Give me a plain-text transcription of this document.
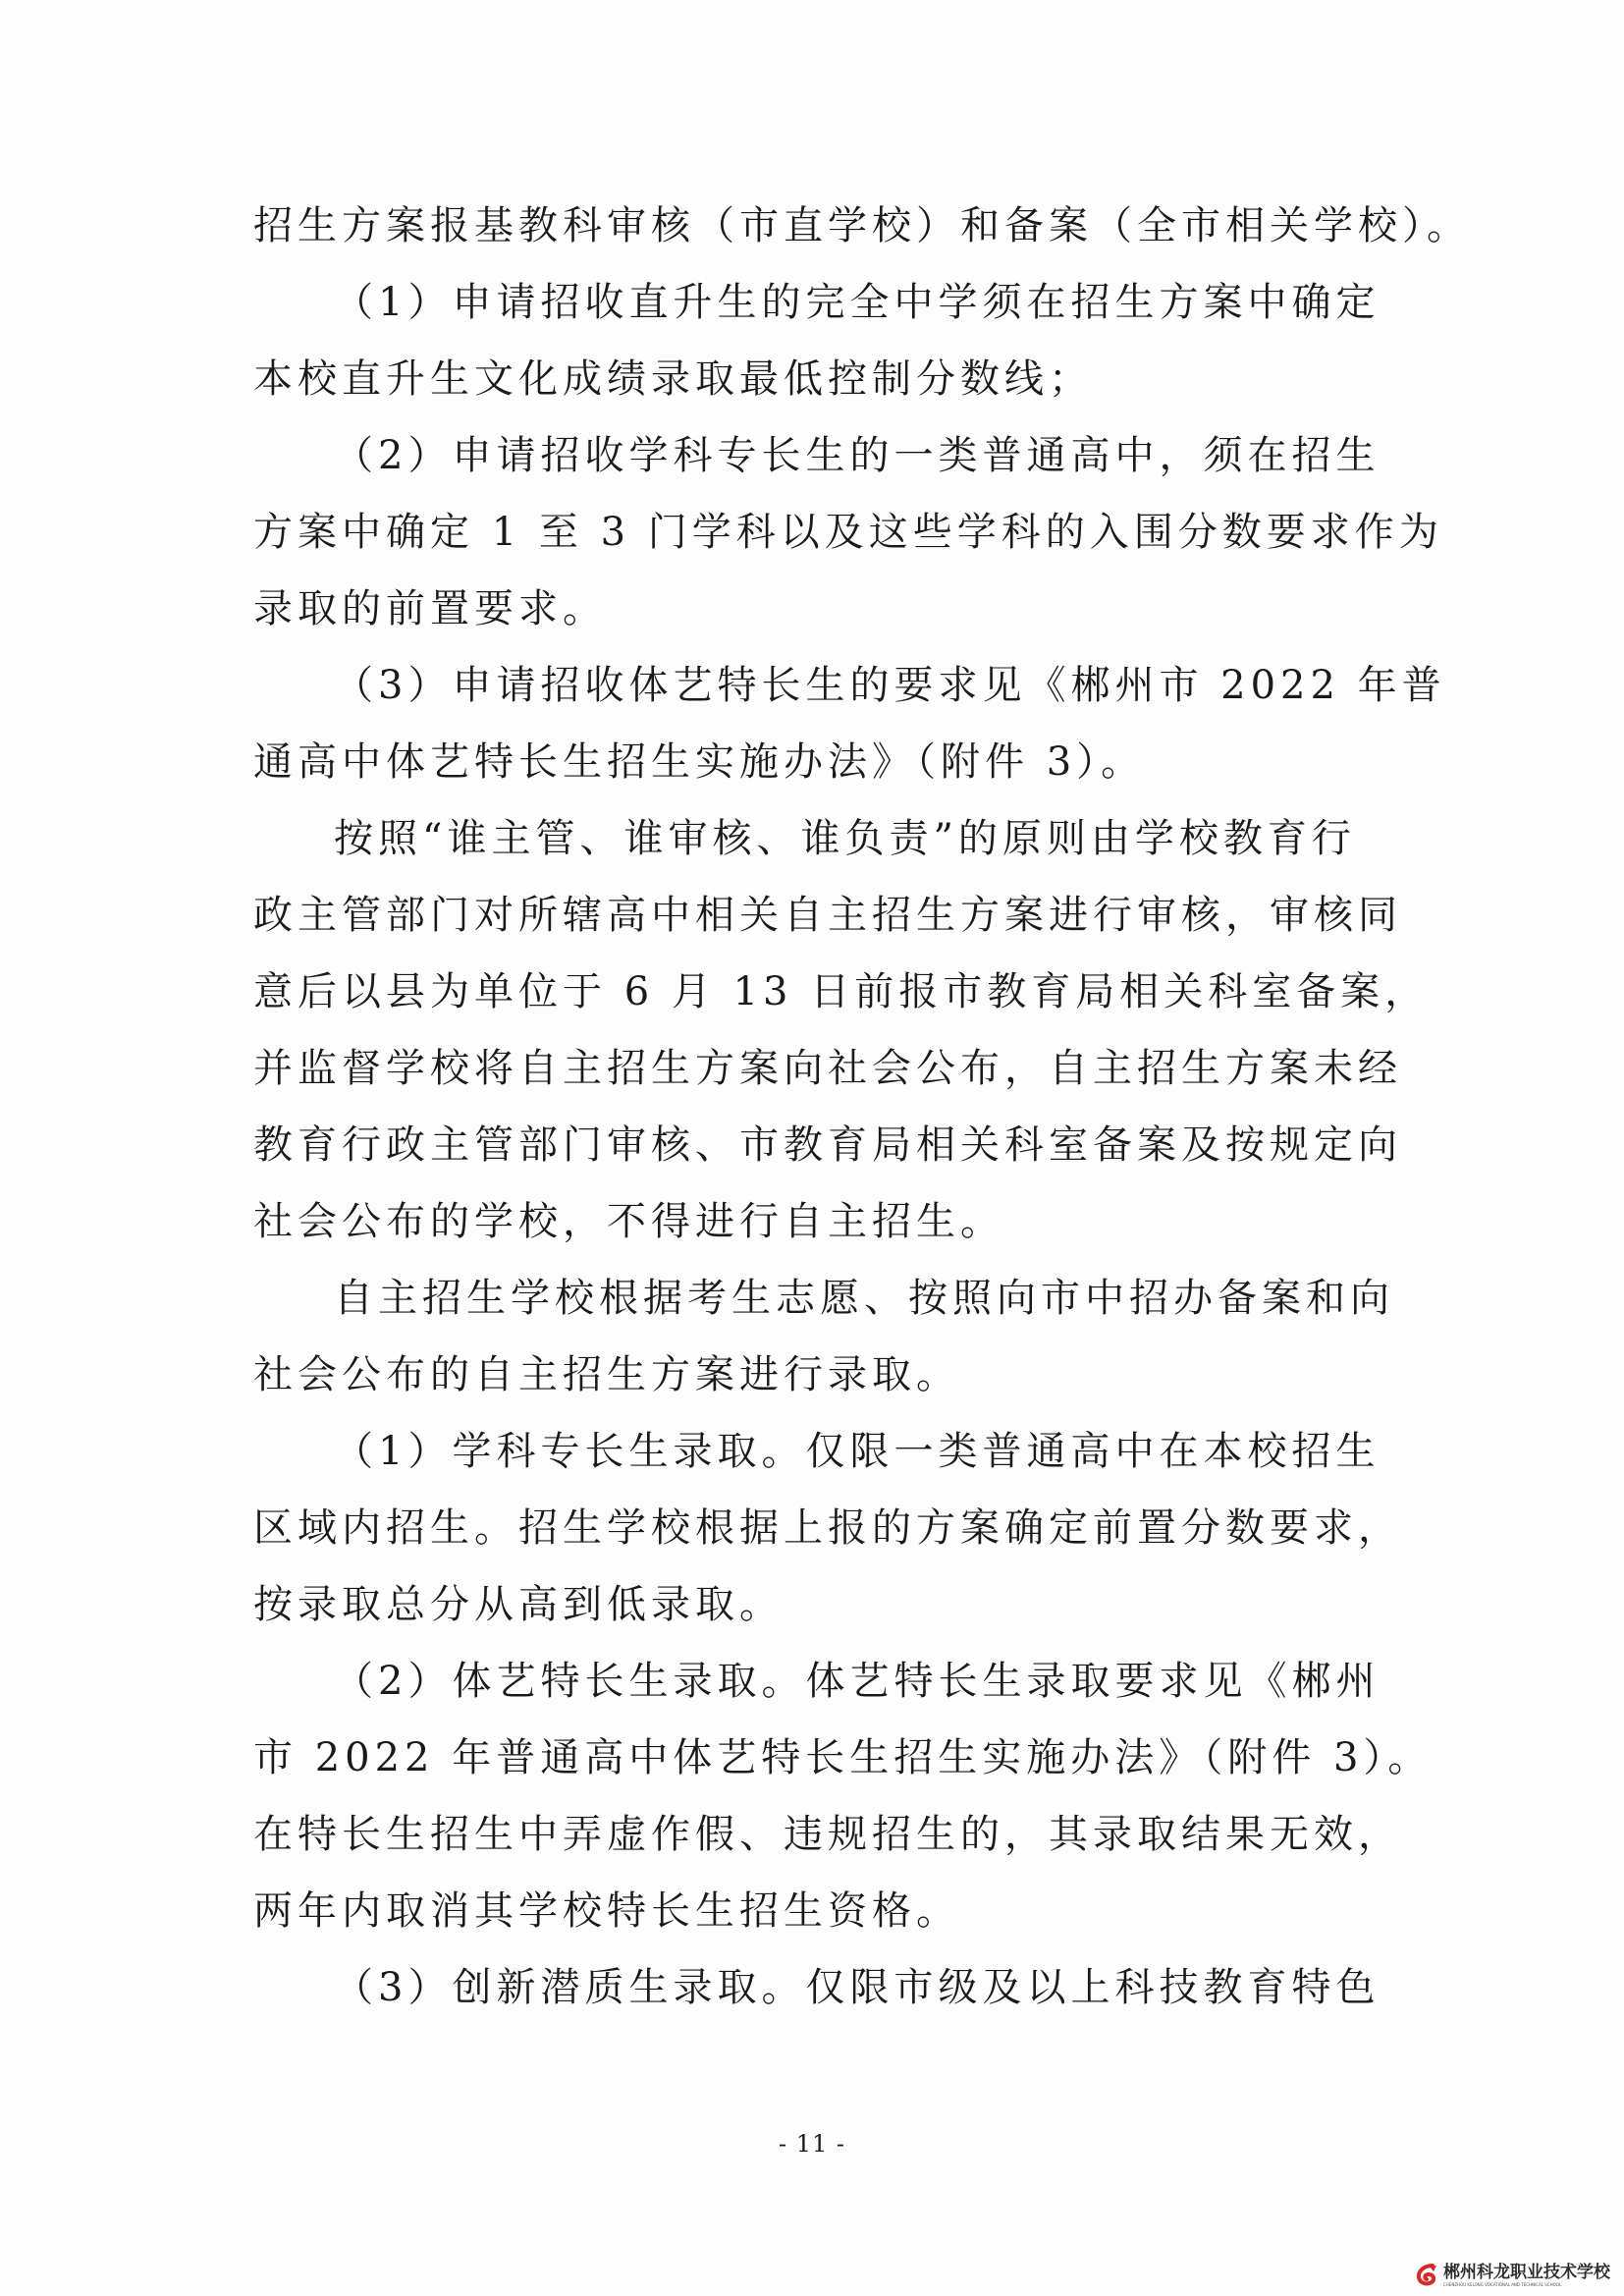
招生方案报基教科审核（市直学校）和备案（全市相关学校）。
（1）申请招收直升生的完全中学须在招生方案中确定
本校直升生文化成绩录取最低控制分数线；
（2）申请招收学科专长生的一类普通高中，须在招生
方案中确定 1 至 3 门学科以及这些学科的入围分数要求作为
录取的前置要求。
（3）申请招收体艺特长生的要求见《郴州市 2022 年普
通高中体艺特长生招生实施办法》（附件 3）。
按照“谁主管、谁审核、谁负责”的原则由学校教育行
政主管部门对所辖高中相关自主招生方案进行审核，审核同
意后以县为单位于 6 月 13 日前报市教育局相关科室备案，
并监督学校将自主招生方案向社会公布，自主招生方案未经
教育行政主管部门审核、市教育局相关科室备案及按规定向
社会公布的学校，不得进行自主招生。
自主招生学校根据考生志愿、按照向市中招办备案和向
社会公布的自主招生方案进行录取。
（1）学科专长生录取。仅限一类普通高中在本校招生
区域内招生。招生学校根据上报的方案确定前置分数要求，
按录取总分从高到低录取。
（2）体艺特长生录取。体艺特长生录取要求见《郴州
市 2022 年普通高中体艺特长生招生实施办法》（附件 3）。
在特长生招生中弄虚作假、违规招生的，其录取结果无效，
两年内取消其学校特长生招生资格。
（3）创新潜质生录取。仅限市级及以上科技教育特色
- 11 -
郴州科龙职业技术学校
CHENZHOU KELONG VOCATIONAL AND TECHNICAL SCHOOL
